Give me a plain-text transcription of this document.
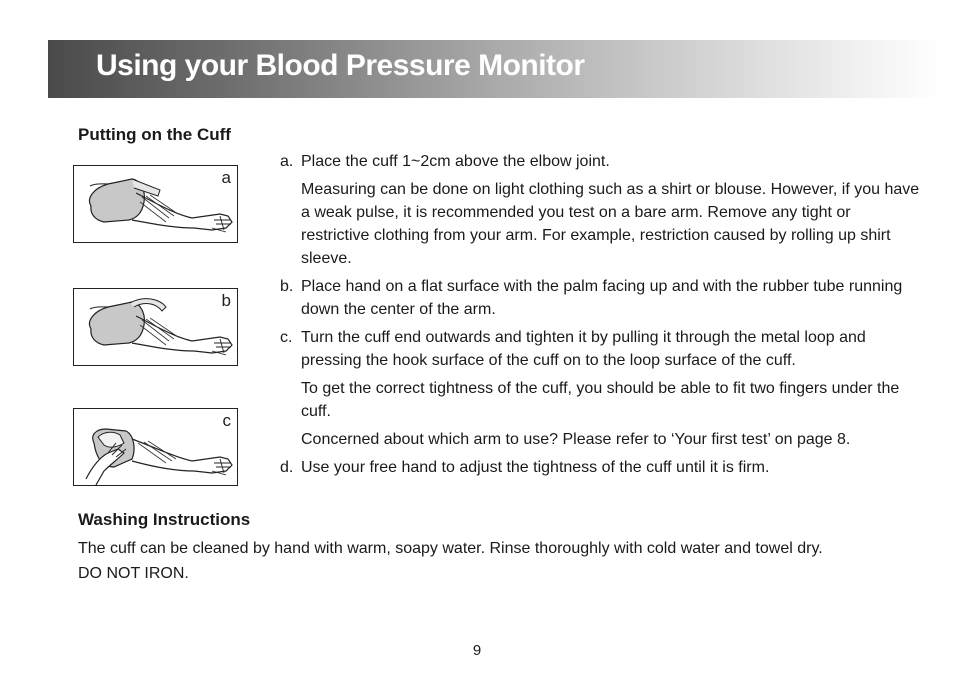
Using your Blood Pressure Monitor
Putting on the Cuff
a
b
c
a. Place the cuff 1~2cm above the elbow joint.
Measuring can be done on light clothing such as a shirt or blouse. However, if you have a weak pulse, it is recommended you test on a bare arm. Remove any tight or restrictive clothing from your arm. For example, restriction caused by rolling up shirt sleeve.
b. Place hand on a flat surface with the palm facing up and with the rubber tube running down the center of the arm.
c. Turn the cuff end outwards and tighten it by pulling it through the metal loop and pressing the hook surface of the cuff on to the loop surface of the cuff.
To get the correct tightness of the cuff, you should be able to fit two fingers under the cuff.
Concerned about which arm to use? Please refer to ‘Your first test’ on page 8.
d. Use your free hand to adjust the tightness of the cuff until it is firm.
Washing Instructions
The cuff can be cleaned by hand with warm, soapy water. Rinse thoroughly with cold water and towel dry.
DO NOT IRON.
9
